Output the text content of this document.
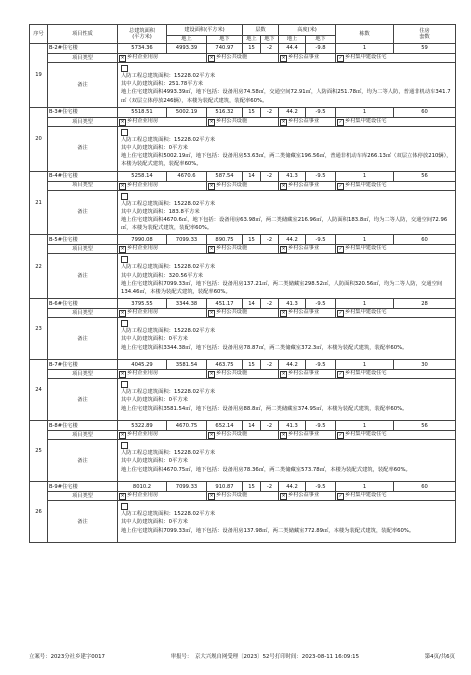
序号	项目性质	总建筑面积
(平方米)	建设面积(平方米)		层数		高度(米)		栋数	住房
套数
			地上	地下	地上	地下	地上	地下		
19	B-2#住宅楼	5734.36	4993.39	740.97	15	-2	44.4	-9.8	1	59
	项目类型	✕ 乡村企业用房		✕ 乡村公共设施			✕ 乡村公益事业		✓ 乡村集中建设住宅	
	备注	人防工程总建筑面积：15228.02平方米
其中人防建筑面积：251.78平方米
地上住宅建筑面积4993.39㎡，地下包括：设备用房74.58㎡，交通空间72.91㎡，人防面积251.78㎡，均为二等人防，普通非机动车341.7㎡（双层立体停放246辆），本楼为装配式建筑，装配率60%。								

20	B-3#住宅楼	5518.51	5002.19	516.32	15	-2	44.2	-9.5	1	60
	项目类型	✕ 乡村企业用房		✕ 乡村公共设施			✕ 乡村公益事业		✓ 乡村集中建设住宅	
	备注	人防工程总建筑面积：15228.02平方米
其中人防建筑面积：0平方米
地上住宅建筑面积5002.19㎡，地下包括：设备用房53.63㎡，两二类储藏室196.56㎡，普通非机动车库266.13㎡（双层立体停放210辆），本楼为装配式建筑，装配率60%。								

21	B-4#住宅楼	5258.14	4670.6	587.54	14	-2	41.3	-9.5	1	56
	项目类型	✕ 乡村企业用房		✕ 乡村公共设施			✕ 乡村公益事业		✓ 乡村集中建设住宅	
	备注	人防工程总建筑面积：15228.02平方米
其中人防建筑面积：183.8平方米
地上住宅建筑面积4670.6㎡，地下包括：设备用房63.98㎡，两二类储藏室216.96㎡，人防面积183.8㎡，均为二等人防，交通空间72.96㎡，本楼为装配式建筑，装配率60%。								

22	B-5#住宅楼	7990.08	7099.33	890.75	15	-2	44.2	-9.5	1	60
	项目类型	✕ 乡村企业用房		✕ 乡村公共设施			✕ 乡村公益事业		✓ 乡村集中建设住宅	
	备注	人防工程总建筑面积：15228.02平方米
其中人防建筑面积：320.56平方米
地上住宅建筑面积7099.33㎡，地下包括：设备用房137.21㎡，两二类储藏室298.52㎡，人防面积320.56㎡，均为二等人防，交通空间134.46㎡，本楼为装配式建筑，装配率60%。								

23	B-6#住宅楼	3795.55	3344.38	451.17	14	-2	41.3	-9.5	1	28
	项目类型	✕ 乡村企业用房		✕ 乡村公共设施			✕ 乡村公益事业		✓ 乡村集中建设住宅	
	备注	人防工程总建筑面积：15228.02平方米
其中人防建筑面积：0平方米
地上住宅建筑面积3344.38㎡，地下包括：设备用房78.87㎡，两二类储藏室372.3㎡，本楼为装配式建筑，装配率60%。								

24	B-7#住宅楼	4045.29	3581.54	463.75	15	-2	44.2	-9.5	1	30
	项目类型	✕ 乡村企业用房		✕ 乡村公共设施			✕ 乡村公益事业		✓ 乡村集中建设住宅	
	备注	人防工程总建筑面积：15228.02平方米
其中人防建筑面积：0平方米
地上住宅建筑面积3581.54㎡，地下包括：设备用房88.8㎡，两二类储藏室374.95㎡，本楼为装配式建筑，装配率60%。								

25	B-8#住宅楼	5322.89	4670.75	652.14	14	-2	41.3	-9.5	1	56
	项目类型	✕ 乡村企业用房		✕ 乡村公共设施			✕ 乡村公益事业		✓ 乡村集中建设住宅	
	备注	人防工程总建筑面积：15228.02平方米
其中人防建筑面积：0平方米
地上住宅建筑面积4670.75㎡，地下包括：设备用房78.36㎡，两二类储藏室573.78㎡，本楼为装配式建筑，装配率60%。								

26	B-9#住宅楼	8010.2	7099.33	910.87	15	-2	44.2	-9.5	1	60
	项目类型	✕ 乡村企业用房		✕ 乡村公共设施			✕ 乡村公益事业		✓ 乡村集中建设住宅	
	备注	人防工程总建筑面积：15228.02平方米
其中人防建筑面积：0平方米
地上住宅建筑面积7099.33㎡，地下包括：设备用房137.98㎡，两二类储藏室772.89㎡，本楼为装配式建筑，装配率60%。								
立案号：2023分社乡建字0017	审报号：　京大兴规自网受理〔2023〕52号打印时间：2023-08-11 16:09:15	第4页/共6页
